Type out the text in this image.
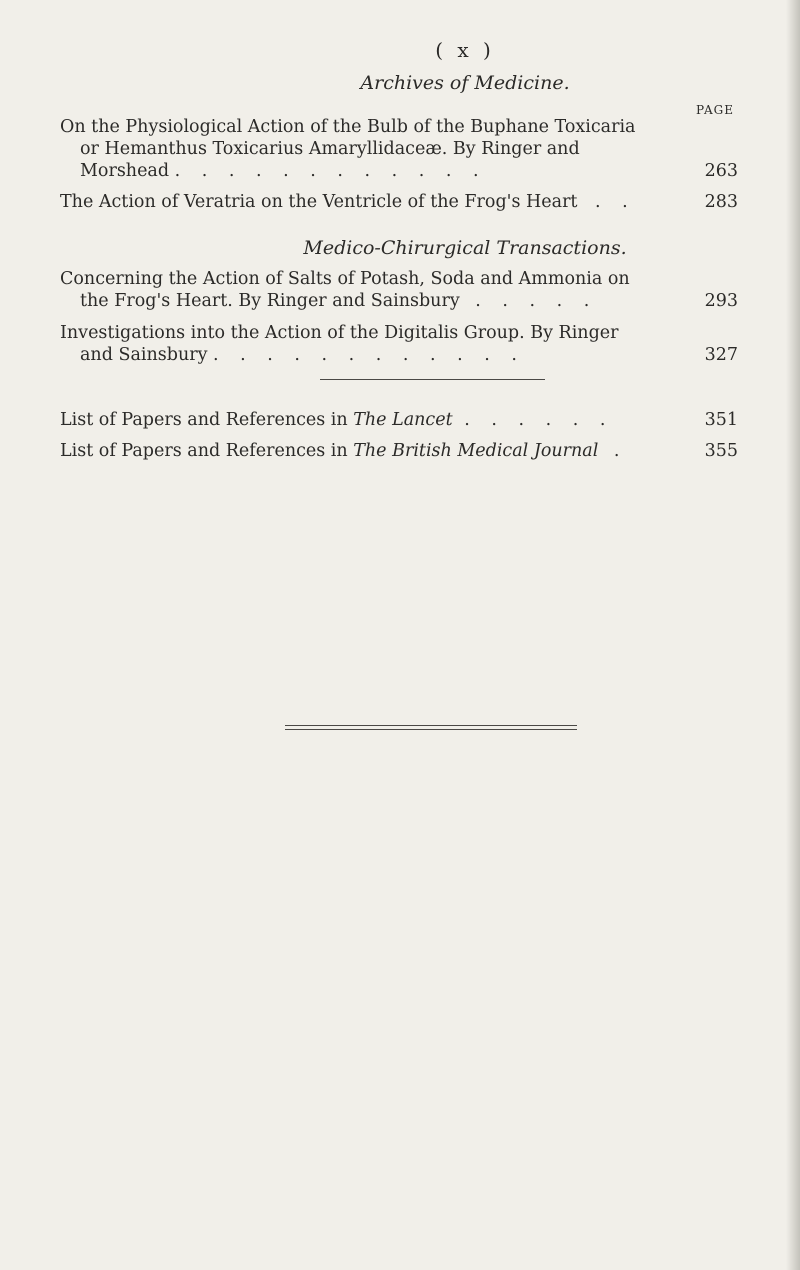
( x )
Archives of Medicine.
PAGE
On the Physiological Action of the Bulb of the Buphane Toxicaria
or Hemanthus Toxicarius Amaryllidaceæ. By Ringer and
Morshead . . . . . . . . . . . .	263
The Action of Veratria on the Ventricle of the Frog's Heart . .	283
Medico-Chirurgical Transactions.
Concerning the Action of Salts of Potash, Soda and Ammonia on
the Frog's Heart. By Ringer and Sainsbury . . . . .	293
Investigations into the Action of the Digitalis Group. By Ringer
and Sainsbury . . . . . . . . . . . .	327
List of Papers and References in The Lancet . . . . . .	351
List of Papers and References in The British Medical Journal .	355
